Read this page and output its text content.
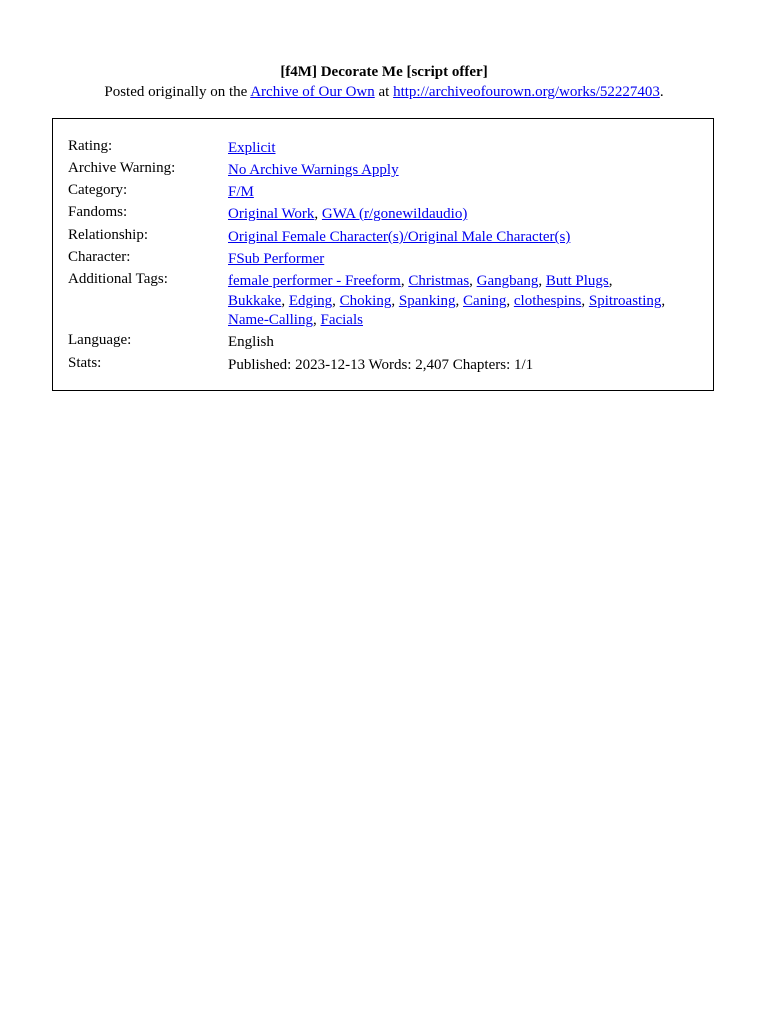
[f4M] Decorate Me [script offer]
Posted originally on the Archive of Our Own at http://archiveofourown.org/works/52227403.
Rating:	Explicit
Archive Warning:	No Archive Warnings Apply
Category:	F/M
Fandoms:	Original Work, GWA (r/gonewildaudio)
Relationship:	Original Female Character(s)/Original Male Character(s)
Character:	FSub Performer
Additional Tags:	female performer - Freeform, Christmas, Gangbang, Butt Plugs,
Bukkake, Edging, Choking, Spanking, Caning, clothespins, Spitroasting,
Name-Calling, Facials
Language:	English
Stats:	Published: 2023-12-13 Words: 2,407 Chapters: 1/1
